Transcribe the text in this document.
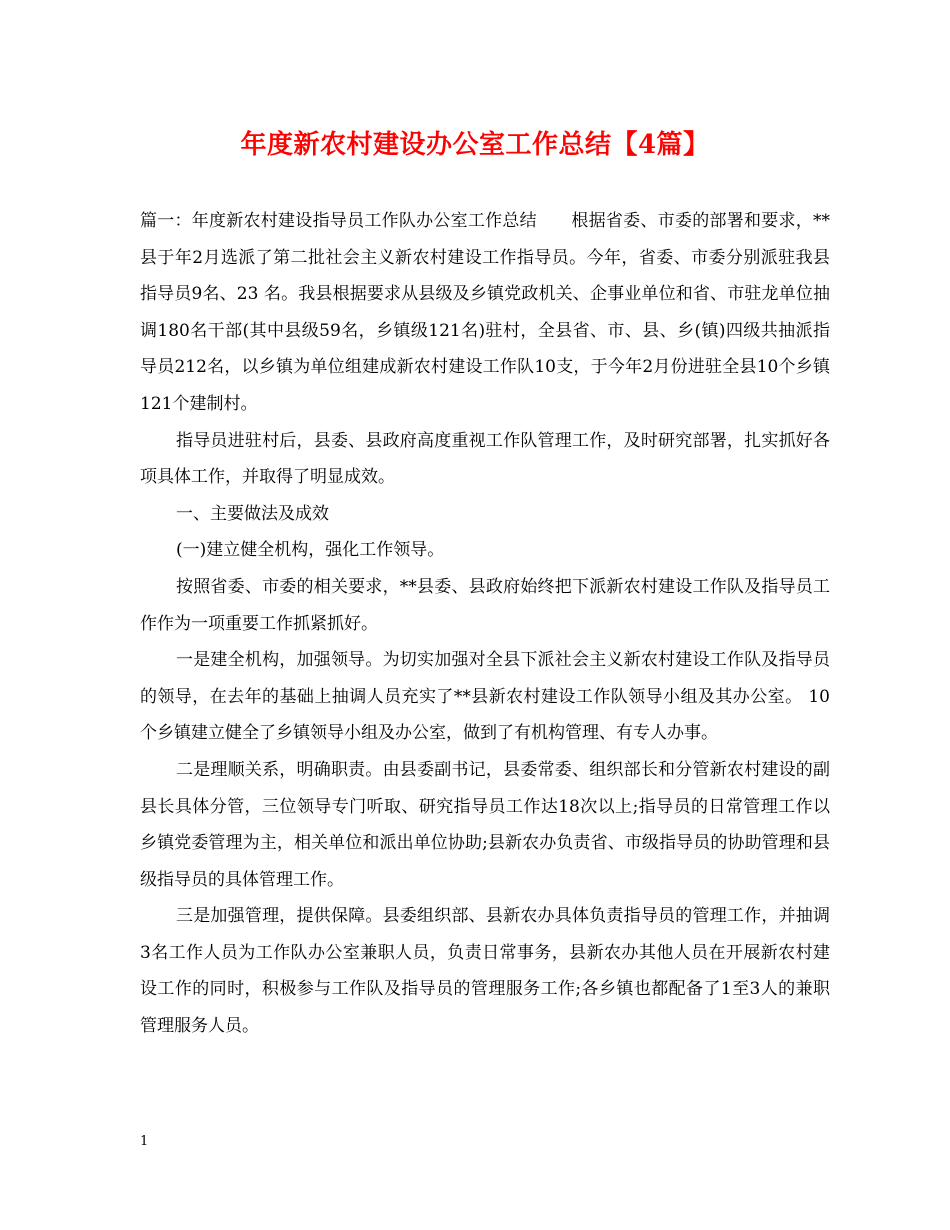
年度新农村建设办公室工作总结【4篇】

篇一：年度新农村建设指导员工作队办公室工作总结　　根据省委、市委的部署和要求，**县于年2月选派了第二批社会主义新农村建设工作指导员。今年，省委、市委分别派驻我县指导员9名、23 名。我县根据要求从县级及乡镇党政机关、企事业单位和省、市驻龙单位抽调180名干部(其中县级59名，乡镇级121名)驻村，全县省、市、县、乡(镇)四级共抽派指导员212名，以乡镇为单位组建成新农村建设工作队10支，于今年2月份进驻全县10个乡镇121个建制村。

指导员进驻村后，县委、县政府高度重视工作队管理工作，及时研究部署，扎实抓好各项具体工作，并取得了明显成效。

一、主要做法及成效

(一)建立健全机构，强化工作领导。

按照省委、市委的相关要求，**县委、县政府始终把下派新农村建设工作队及指导员工作作为一项重要工作抓紧抓好。

一是建全机构，加强领导。为切实加强对全县下派社会主义新农村建设工作队及指导员的领导，在去年的基础上抽调人员充实了**县新农村建设工作队领导小组及其办公室。 10个乡镇建立健全了乡镇领导小组及办公室，做到了有机构管理、有专人办事。

二是理顺关系，明确职责。由县委副书记，县委常委、组织部长和分管新农村建设的副县长具体分管，三位领导专门听取、研究指导员工作达18次以上;指导员的日常管理工作以乡镇党委管理为主，相关单位和派出单位协助;县新农办负责省、市级指导员的协助管理和县级指导员的具体管理工作。

三是加强管理，提供保障。县委组织部、县新农办具体负责指导员的管理工作，并抽调3名工作人员为工作队办公室兼职人员，负责日常事务，县新农办其他人员在开展新农村建设工作的同时，积极参与工作队及指导员的管理服务工作;各乡镇也都配备了1至3人的兼职管理服务人员。

1
